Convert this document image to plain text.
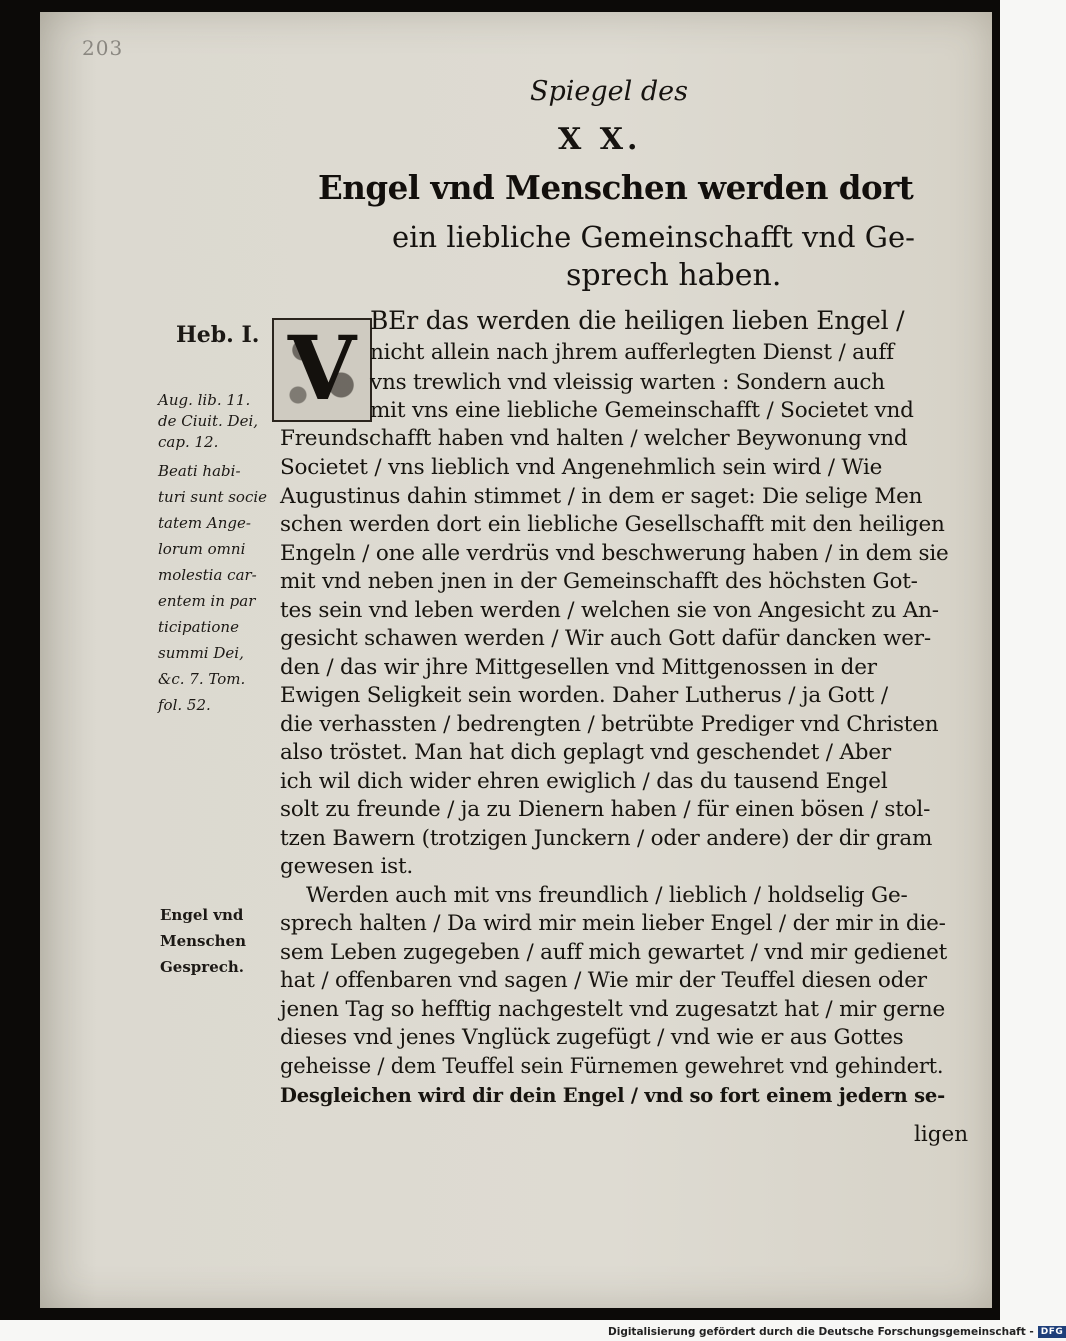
203
Spiegel des
X X.
Engel vnd Menschen werden dort
ein liebliche Gemeinschafft vnd Ge-
sprech haben.
Heb. I.
Aug. lib. 11.
de Ciuit. Dei,
cap. 12.
Beati habi-
turi sunt socie
tatem Ange-
lorum omni
molestia car-
entem in par
ticipatione
summi Dei,
&c. 7. Tom.
fol. 52.
Engel vnd
Menschen
Gesprech.
V BEr das werden die heiligen lieben Engel /
nicht allein nach jhrem aufferlegten Dienst / auff
vns trewlich vnd vleissig warten : Sondern auch
mit vns eine liebliche Gemeinschafft / Societet vnd
Freundschafft haben vnd halten / welcher Beywonung vnd
Societet / vns lieblich vnd Angenehmlich sein wird / Wie
Augustinus dahin stimmet / in dem er saget: Die selige Men
schen werden dort ein liebliche Gesellschafft mit den heiligen
Engeln / one alle verdrüs vnd beschwerung haben / in dem sie
mit vnd neben jnen in der Gemeinschafft des höchsten Got-
tes sein vnd leben werden / welchen sie von Angesicht zu An-
gesicht schawen werden / Wir auch Gott dafür dancken wer-
den / das wir jhre Mittgesellen vnd Mittgenossen in der
Ewigen Seligkeit sein worden. Daher Lutherus / ja Gott /
die verhassten / bedrengten / betrübte Prediger vnd Christen
also tröstet. Man hat dich geplagt vnd geschendet / Aber
ich wil dich wider ehren ewiglich / das du tausend Engel
solt zu freunde / ja zu Dienern haben / für einen bösen / stol-
tzen Bawern (trotzigen Junckern / oder andere) der dir gram
gewesen ist.
Werden auch mit vns freundlich / lieblich / holdselig Ge-
sprech halten / Da wird mir mein lieber Engel / der mir in die-
sem Leben zugegeben / auff mich gewartet / vnd mir gedienet
hat / offenbaren vnd sagen / Wie mir der Teuffel diesen oder
jenen Tag so hefftig nachgestelt vnd zugesatzt hat / mir gerne
dieses vnd jenes Vnglück zugefügt / vnd wie er aus Gottes
geheisse / dem Teuffel sein Fürnemen gewehret vnd gehindert.
Desgleichen wird dir dein Engel / vnd so fort einem jedern se-
ligen
Digitalisierung gefördert durch die Deutsche Forschungsgemeinschaft - DFG
